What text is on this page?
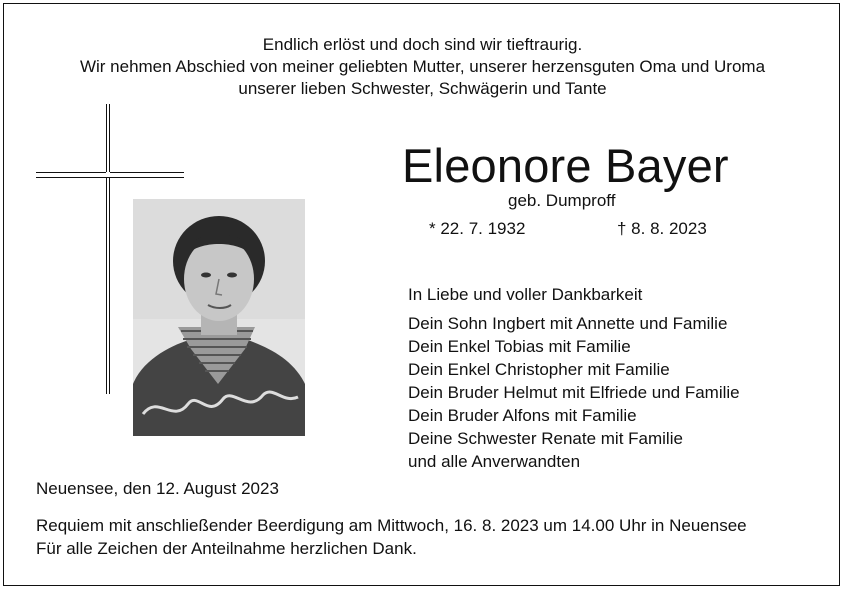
Endlich erlöst und doch sind wir tieftraurig.
Wir nehmen Abschied von meiner geliebten Mutter, unserer herzensguten Oma und Uroma
unserer lieben Schwester, Schwägerin und Tante
Eleonore Bayer
geb. Dumproff
* 22. 7. 1932	† 8. 8. 2023
In Liebe und voller Dankbarkeit
Dein Sohn Ingbert mit Annette und Familie
Dein Enkel Tobias mit Familie
Dein Enkel Christopher mit Familie
Dein Bruder Helmut mit Elfriede und Familie
Dein Bruder Alfons mit Familie
Deine Schwester Renate mit Familie
und alle Anverwandten
Neuensee, den 12. August 2023
Requiem mit anschließender Beerdigung am Mittwoch, 16. 8. 2023 um 14.00 Uhr in Neuensee
Für alle Zeichen der Anteilnahme herzlichen Dank.
